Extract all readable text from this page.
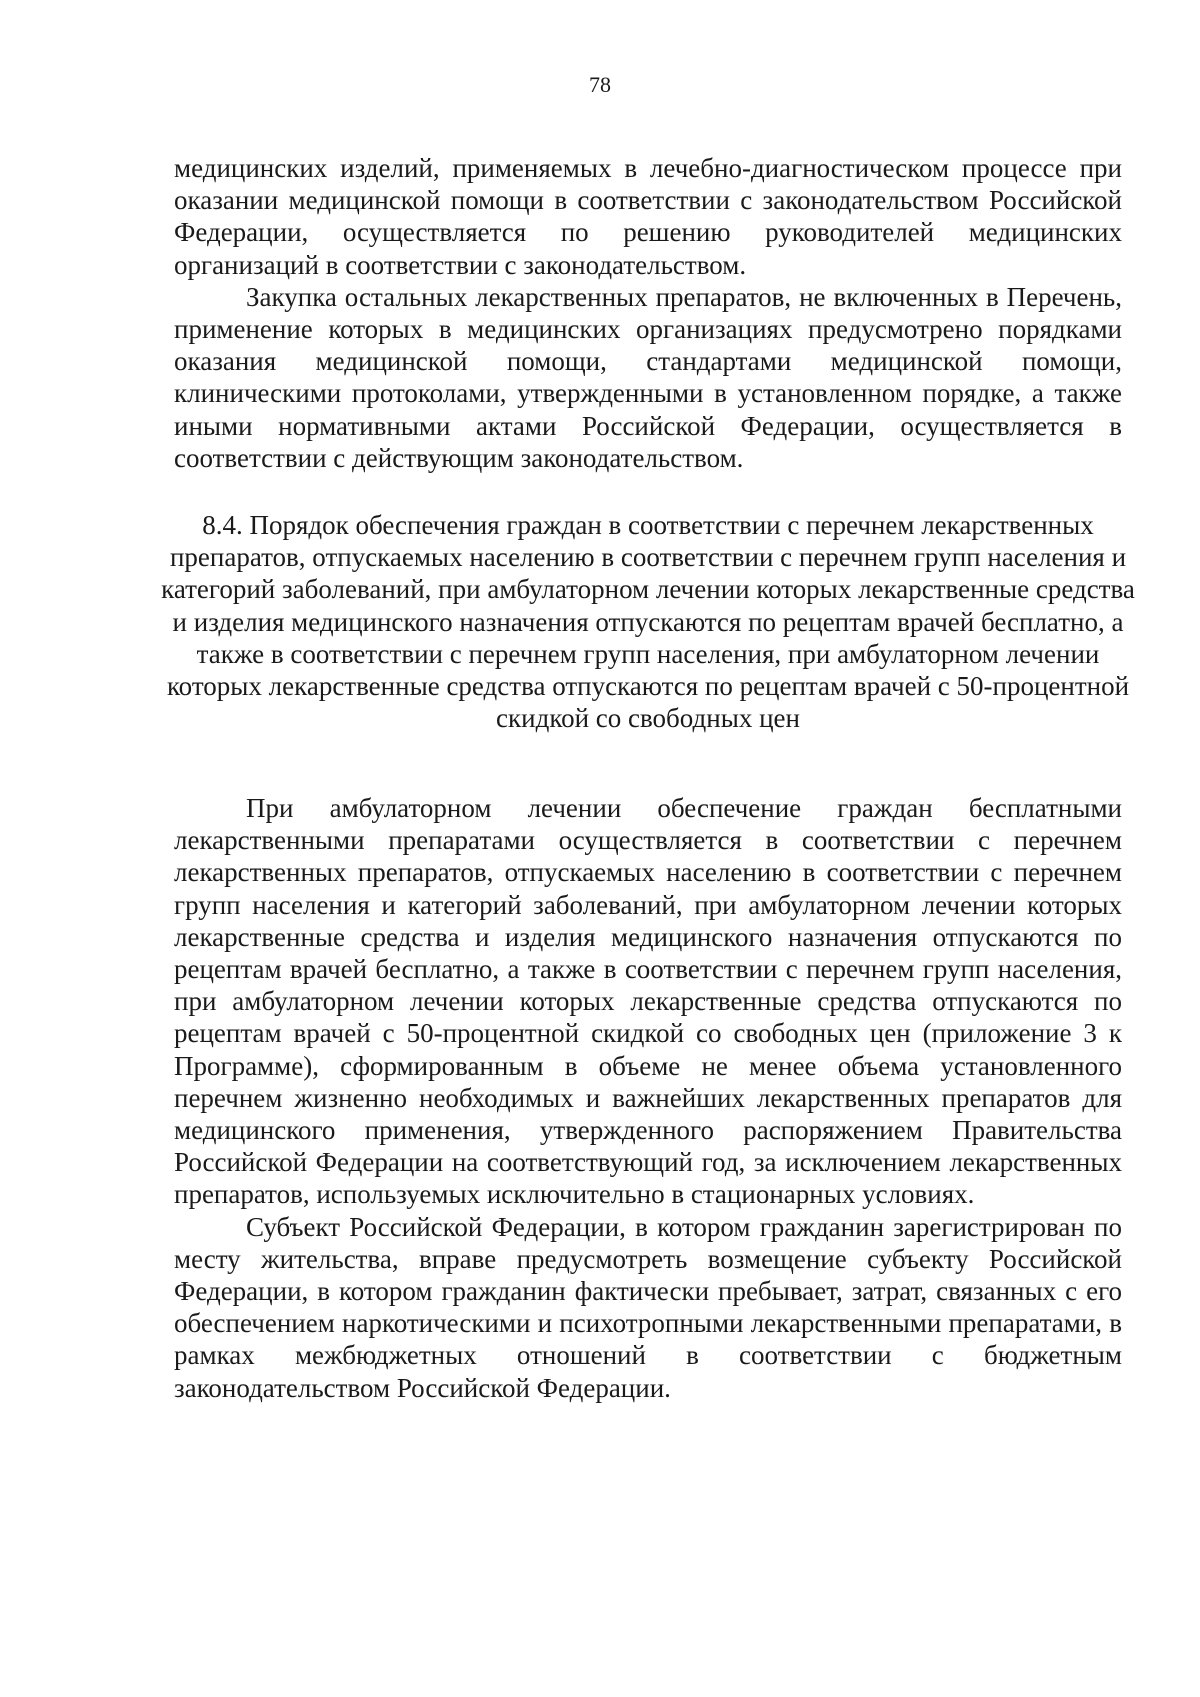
78

медицинских изделий, применяемых в лечебно-диагностическом процессе при оказании медицинской помощи в соответствии с законодательством Российской Федерации, осуществляется по решению руководителей медицинских организаций в соответствии с законодательством.

Закупка остальных лекарственных препаратов, не включенных в Перечень, применение которых в медицинских организациях предусмотрено порядками оказания медицинской помощи, стандартами медицинской помощи, клиническими протоколами, утвержденными в установленном порядке, а также иными нормативными актами Российской Федерации, осуществляется в соответствии с действующим законодательством.

8.4. Порядок обеспечения граждан в соответствии с перечнем лекарственных препаратов, отпускаемых населению в соответствии с перечнем групп населения и категорий заболеваний, при амбулаторном лечении которых лекарственные средства и изделия медицинского назначения отпускаются по рецептам врачей бесплатно, а также в соответствии с перечнем групп населения, при амбулаторном лечении которых лекарственные средства отпускаются по рецептам врачей с 50-процентной скидкой со свободных цен

При амбулаторном лечении обеспечение граждан бесплатными лекарственными препаратами осуществляется в соответствии с перечнем лекарственных препаратов, отпускаемых населению в соответствии с перечнем групп населения и категорий заболеваний, при амбулаторном лечении которых лекарственные средства и изделия медицинского назначения отпускаются по рецептам врачей бесплатно, а также в соответствии с перечнем групп населения, при амбулаторном лечении которых лекарственные средства отпускаются по рецептам врачей с 50-процентной скидкой со свободных цен (приложение 3 к Программе), сформированным в объеме не менее объема установленного перечнем жизненно необходимых и важнейших лекарственных препаратов для медицинского применения, утвержденного распоряжением Правительства Российской Федерации на соответствующий год, за исключением лекарственных препаратов, используемых исключительно в стационарных условиях.

Субъект Российской Федерации, в котором гражданин зарегистрирован по месту жительства, вправе предусмотреть возмещение субъекту Российской Федерации, в котором гражданин фактически пребывает, затрат, связанных с его обеспечением наркотическими и психотропными лекарственными препаратами, в рамках межбюджетных отношений в соответствии с бюджетным законодательством Российской Федерации.
